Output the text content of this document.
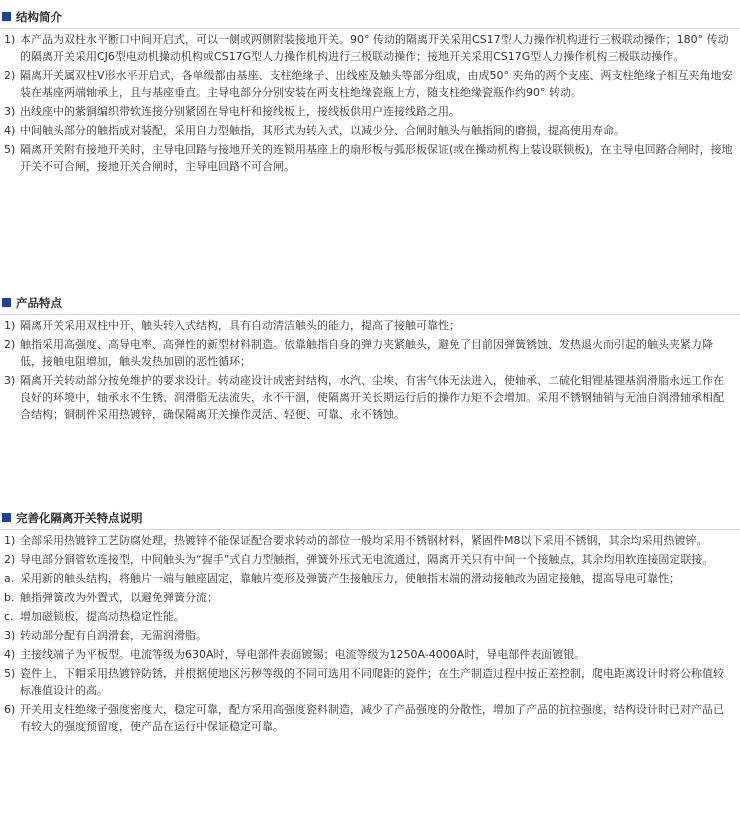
结构简介
1) 本产品为双柱水平断口中间开启式，可以一侧或两侧附装接地开关。90° 传动的隔离开关采用CS17型人力操作机构进行三极联动操作；180° 传动的隔离开关采用CJ6型电动机操动机构或CS17G型人力操作机构进行三极联动操作；接地开关采用CS17G型人力操作机构三极联动操作。
2) 隔离开关属双柱V形水平开启式，各单级都由基座、支柱绝缘子、出线座及触头等部分组成，由成50° 夹角的两个支座、两支柱绝缘子相互夹角地安装在基座两端轴承上，且与基座垂直。主导电部分分别安装在两支柱绝缘瓷瓶上方，随支柱绝缘瓷瓶作约90° 转动。
3) 出线座中的紫铜编织带软连接分别紧固在导电杆和接线板上，接线板供用户连接线路之用。
4) 中间触头部分的触指成对装配，采用自力型触指，其形式为转入式，以减少分、合闸时触头与触指间的磨损，提高使用寿命。
5) 隔离开关附有接地开关时，主导电回路与接地开关的连锁用基座上的扇形板与弧形板保证(或在操动机构上装设联锁板)，在主导电回路合闸时，接地开关不可合闸，接地开关合闸时，主导电回路不可合闸。
产品特点
1) 隔离开关采用双柱中开、触头转入式结构，具有自动清洁触头的能力，提高了接触可靠性；
2) 触指采用高强度、高导电率、高弹性的新型材料制造。依靠触指自身的弹力夹紧触头，避免了目前因弹簧锈蚀、发热退火而引起的触头夹紧力降低，接触电阻增加，触头发热加剧的恶性循环；
3) 隔离开关转动部分按免维护的要求设计。转动座设计成密封结构，水汽、尘埃、有害气体无法进入，使轴承、二硫化钼锂基锂基润滑脂永远工作在良好的环境中，轴承永不生锈、润滑脂无法流失，永不干涸，使隔离开关长期运行后的操作力矩不会增加。采用不锈钢轴销与无油自润滑轴承相配合结构；铜制件采用热镀锌，确保隔离开关操作灵活、轻便、可靠、永不锈蚀。
完善化隔离开关特点说明
1) 全部采用热镀锌工艺防腐处理，热镀锌不能保证配合要求转动的部位一般均采用不锈钢材料，紧固件M8以下采用不锈钢，其余均采用热镀锌。
2) 导电部分铜管软连接型，中间触头为“握手”式自力型触指，弹簧外压式无电流通过，隔离开关只有中间一个接触点，其余均用软连接固定联接。
a. 采用新的触头结构，将触片一端与触座固定，靠触片变形及弹簧产生接触压力，使触指末端的滑动接触改为固定接触，提高导电可靠性；
b. 触指弹簧改为外置式，以避免弹簧分流；
c. 增加磁锁板，提高动热稳定性能。
3) 转动部分配有自润滑套，无需润滑脂。
4) 主接线端子为平板型。电流等级为630A时，导电部件表面镀锡；电流等级为1250A-4000A时，导电部件表面镀银。
5) 瓷件上、下帽采用热镀锌防锈，并根据使地区污秽等级的不同可选用不同爬距的瓷件；在生产制造过程中按正差控制，爬电距离设计时将公称值较标准值设计的高。
6) 开关用支柱绝缘子强度密度大，稳定可靠，配方采用高强度瓷料制造，减少了产品强度的分散性，增加了产品的抗拉强度，结构设计时已对产品已有较大的强度预留度，使产品在运行中保证稳定可靠。
